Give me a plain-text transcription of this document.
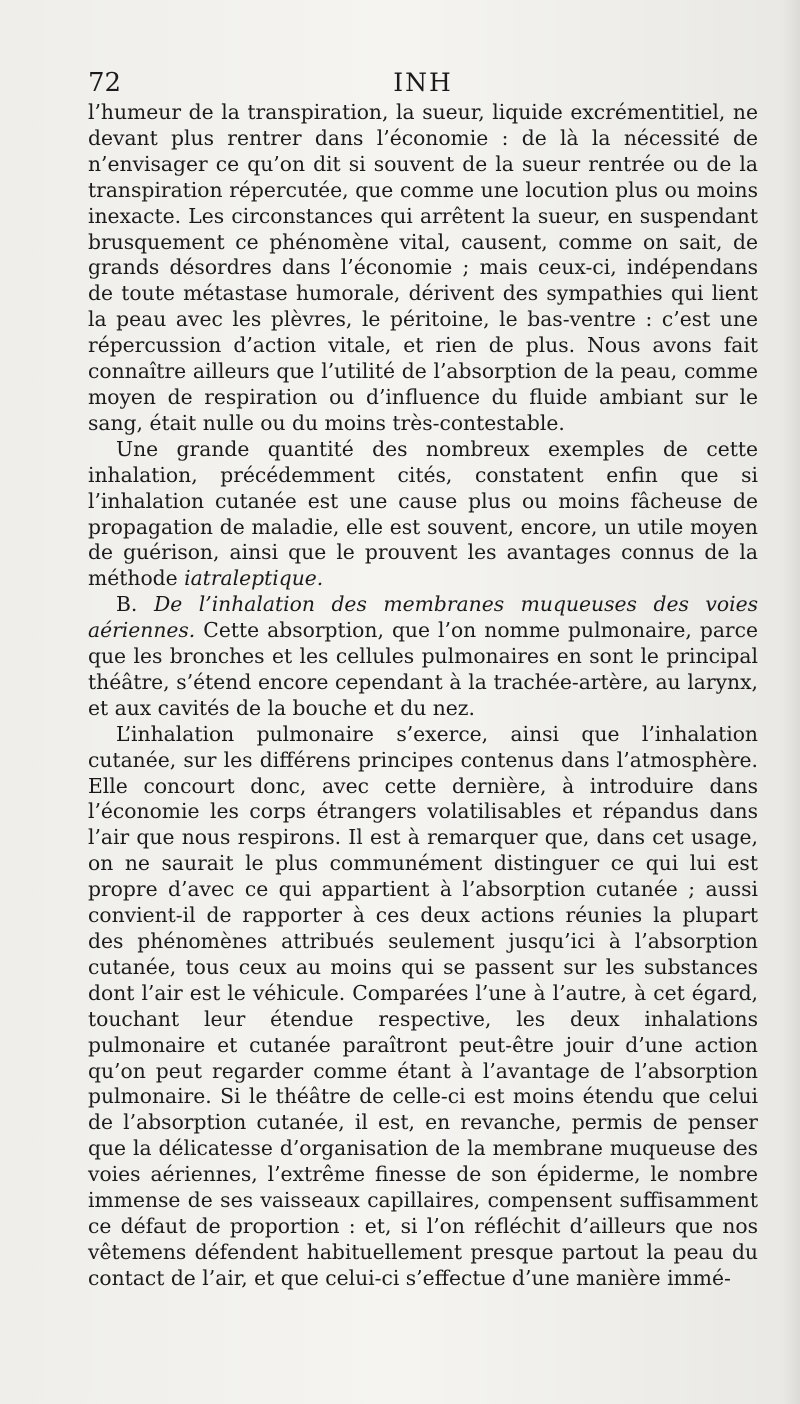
72	INH

l’humeur de la transpiration, la sueur, liquide excrémentitiel, ne devant plus rentrer dans l’économie : de là la nécessité de n’envisager ce qu’on dit si souvent de la sueur rentrée ou de la transpiration répercutée, que comme une locution plus ou moins inexacte. Les circonstances qui arrêtent la sueur, en suspendant brusquement ce phénomène vital, causent, comme on sait, de grands désordres dans l’économie ; mais ceux-ci, indépendans de toute métastase humorale, dérivent des sympathies qui lient la peau avec les plèvres, le péritoine, le bas-ventre : c’est une répercussion d’action vitale, et rien de plus. Nous avons fait connaître ailleurs que l’utilité de l’absorption de la peau, comme moyen de respiration ou d’influence du fluide ambiant sur le sang, était nulle ou du moins très-contestable.

Une grande quantité des nombreux exemples de cette inhalation, précédemment cités, constatent enfin que si l’inhalation cutanée est une cause plus ou moins fâcheuse de propagation de maladie, elle est souvent, encore, un utile moyen de guérison, ainsi que le prouvent les avantages connus de la méthode iatraleptique.

B. De l’inhalation des membranes muqueuses des voies aériennes. Cette absorption, que l’on nomme pulmonaire, parce que les bronches et les cellules pulmonaires en sont le principal théâtre, s’étend encore cependant à la trachée-artère, au larynx, et aux cavités de la bouche et du nez.

L’inhalation pulmonaire s’exerce, ainsi que l’inhalation cutanée, sur les différens principes contenus dans l’atmosphère. Elle concourt donc, avec cette dernière, à introduire dans l’économie les corps étrangers volatilisables et répandus dans l’air que nous respirons. Il est à remarquer que, dans cet usage, on ne saurait le plus communément distinguer ce qui lui est propre d’avec ce qui appartient à l’absorption cutanée ; aussi convient-il de rapporter à ces deux actions réunies la plupart des phénomènes attribués seulement jusqu’ici à l’absorption cutanée, tous ceux au moins qui se passent sur les substances dont l’air est le véhicule. Comparées l’une à l’autre, à cet égard, touchant leur étendue respective, les deux inhalations pulmonaire et cutanée paraîtront peut-être jouir d’une action qu’on peut regarder comme étant à l’avantage de l’absorption pulmonaire. Si le théâtre de celle-ci est moins étendu que celui de l’absorption cutanée, il est, en revanche, permis de penser que la délicatesse d’organisation de la membrane muqueuse des voies aériennes, l’extrême finesse de son épiderme, le nombre immense de ses vaisseaux capillaires, compensent suffisamment ce défaut de proportion : et, si l’on réfléchit d’ailleurs que nos vêtemens défendent habituellement presque partout la peau du contact de l’air, et que celui-ci s’effectue d’une manière immé-
